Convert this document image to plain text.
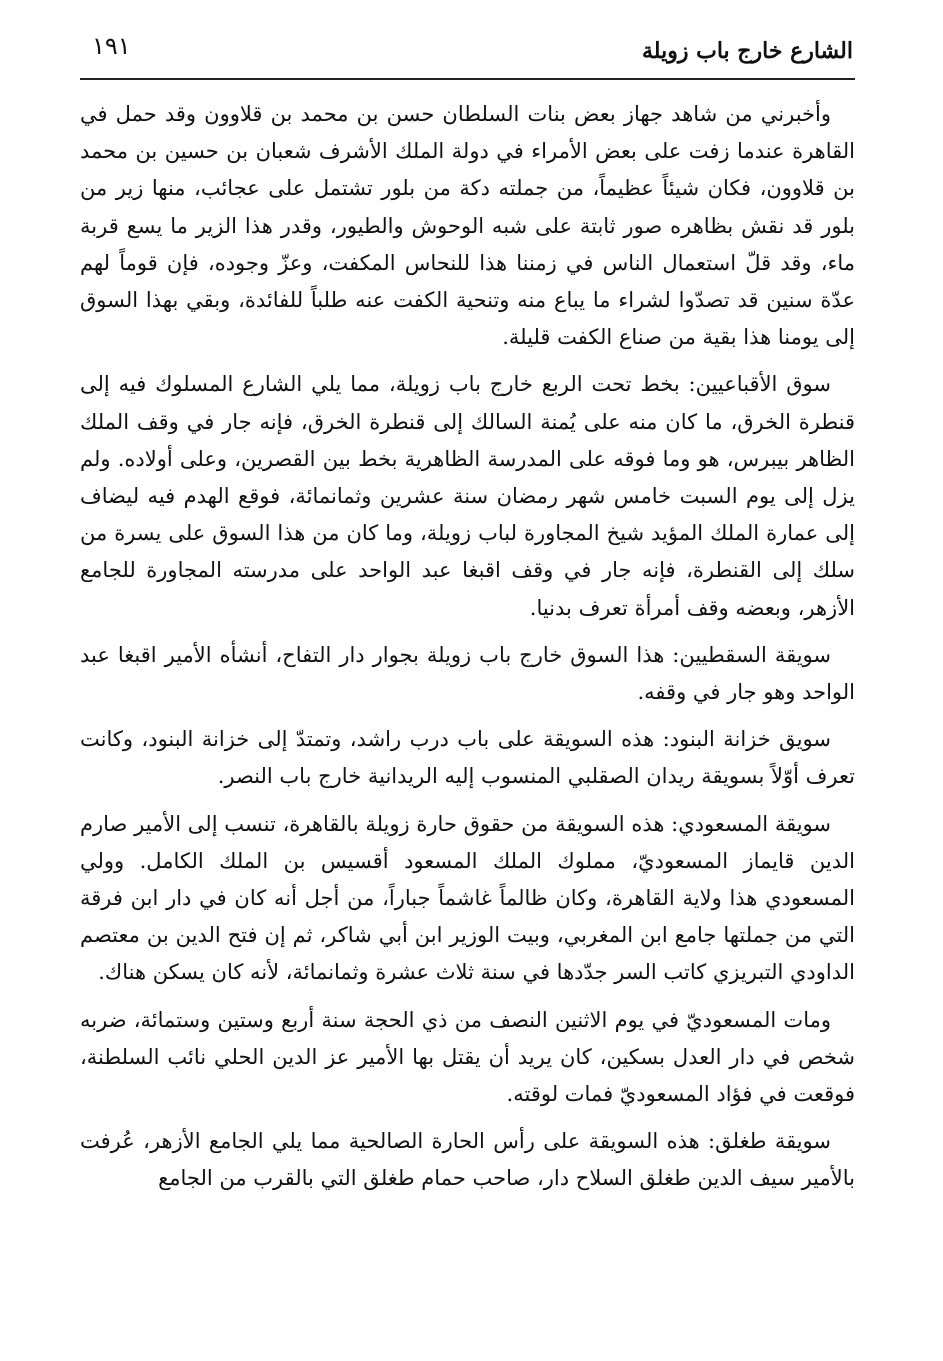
الشارع خارج باب زويلة
١٩١

وأخبرني من شاهد جهاز بعض بنات السلطان حسن بن محمد بن قلاوون وقد حمل في القاهرة عندما زفت على بعض الأمراء في دولة الملك الأشرف شعبان بن حسين بن محمد بن قلاوون، فكان شيئاً عظيماً، من جملته دكة من بلور تشتمل على عجائب، منها زير من بلور قد نقش بظاهره صور ثابتة على شبه الوحوش والطيور، وقدر هذا الزير ما يسع قربة ماء، وقد قلّ استعمال الناس في زمننا هذا للنحاس المكفت، وعزّ وجوده، فإن قوماً لهم عدّة سنين قد تصدّوا لشراء ما يباع منه وتنحية الكفت عنه طلباً للفائدة، وبقي بهذا السوق إلى يومنا هذا بقية من صناع الكفت قليلة.

سوق الأقباعيين: بخط تحت الربع خارج باب زويلة، مما يلي الشارع المسلوك فيه إلى قنطرة الخرق، ما كان منه على يُمنة السالك إلى قنطرة الخرق، فإنه جار في وقف الملك الظاهر بيبرس، هو وما فوقه على المدرسة الظاهرية بخط بين القصرين، وعلى أولاده. ولم يزل إلى يوم السبت خامس شهر رمضان سنة عشرين وثمانمائة، فوقع الهدم فيه ليضاف إلى عمارة الملك المؤيد شيخ المجاورة لباب زويلة، وما كان من هذا السوق على يسرة من سلك إلى القنطرة، فإنه جار في وقف اقبغا عبد الواحد على مدرسته المجاورة للجامع الأزهر، وبعضه وقف أمرأة تعرف بدنيا.

سويقة السقطيين: هذا السوق خارج باب زويلة بجوار دار التفاح، أنشأه الأمير اقبغا عبد الواحد وهو جار في وقفه.

سويق خزانة البنود: هذه السويقة على باب درب راشد، وتمتدّ إلى خزانة البنود، وكانت تعرف أوّلاً بسويقة ريدان الصقلبي المنسوب إليه الريدانية خارج باب النصر.

سويقة المسعودي: هذه السويقة من حقوق حارة زويلة بالقاهرة، تنسب إلى الأمير صارم الدين قايماز المسعوديّ، مملوك الملك المسعود أقسيس بن الملك الكامل. وولي المسعودي هذا ولاية القاهرة، وكان ظالماً غاشماً جباراً، من أجل أنه كان في دار ابن فرقة التي من جملتها جامع ابن المغربي، وبيت الوزير ابن أبي شاكر، ثم إن فتح الدين بن معتصم الداودي التبريزي كاتب السر جدّدها في سنة ثلاث عشرة وثمانمائة، لأنه كان يسكن هناك.

ومات المسعوديّ في يوم الاثنين النصف من ذي الحجة سنة أربع وستين وستمائة، ضربه شخص في دار العدل بسكين، كان يريد أن يقتل بها الأمير عز الدين الحلي نائب السلطنة، فوقعت في فؤاد المسعوديّ فمات لوقته.

سويقة طغلق: هذه السويقة على رأس الحارة الصالحية مما يلي الجامع الأزهر، عُرفت بالأمير سيف الدين طغلق السلاح دار، صاحب حمام طغلق التي بالقرب من الجامع
